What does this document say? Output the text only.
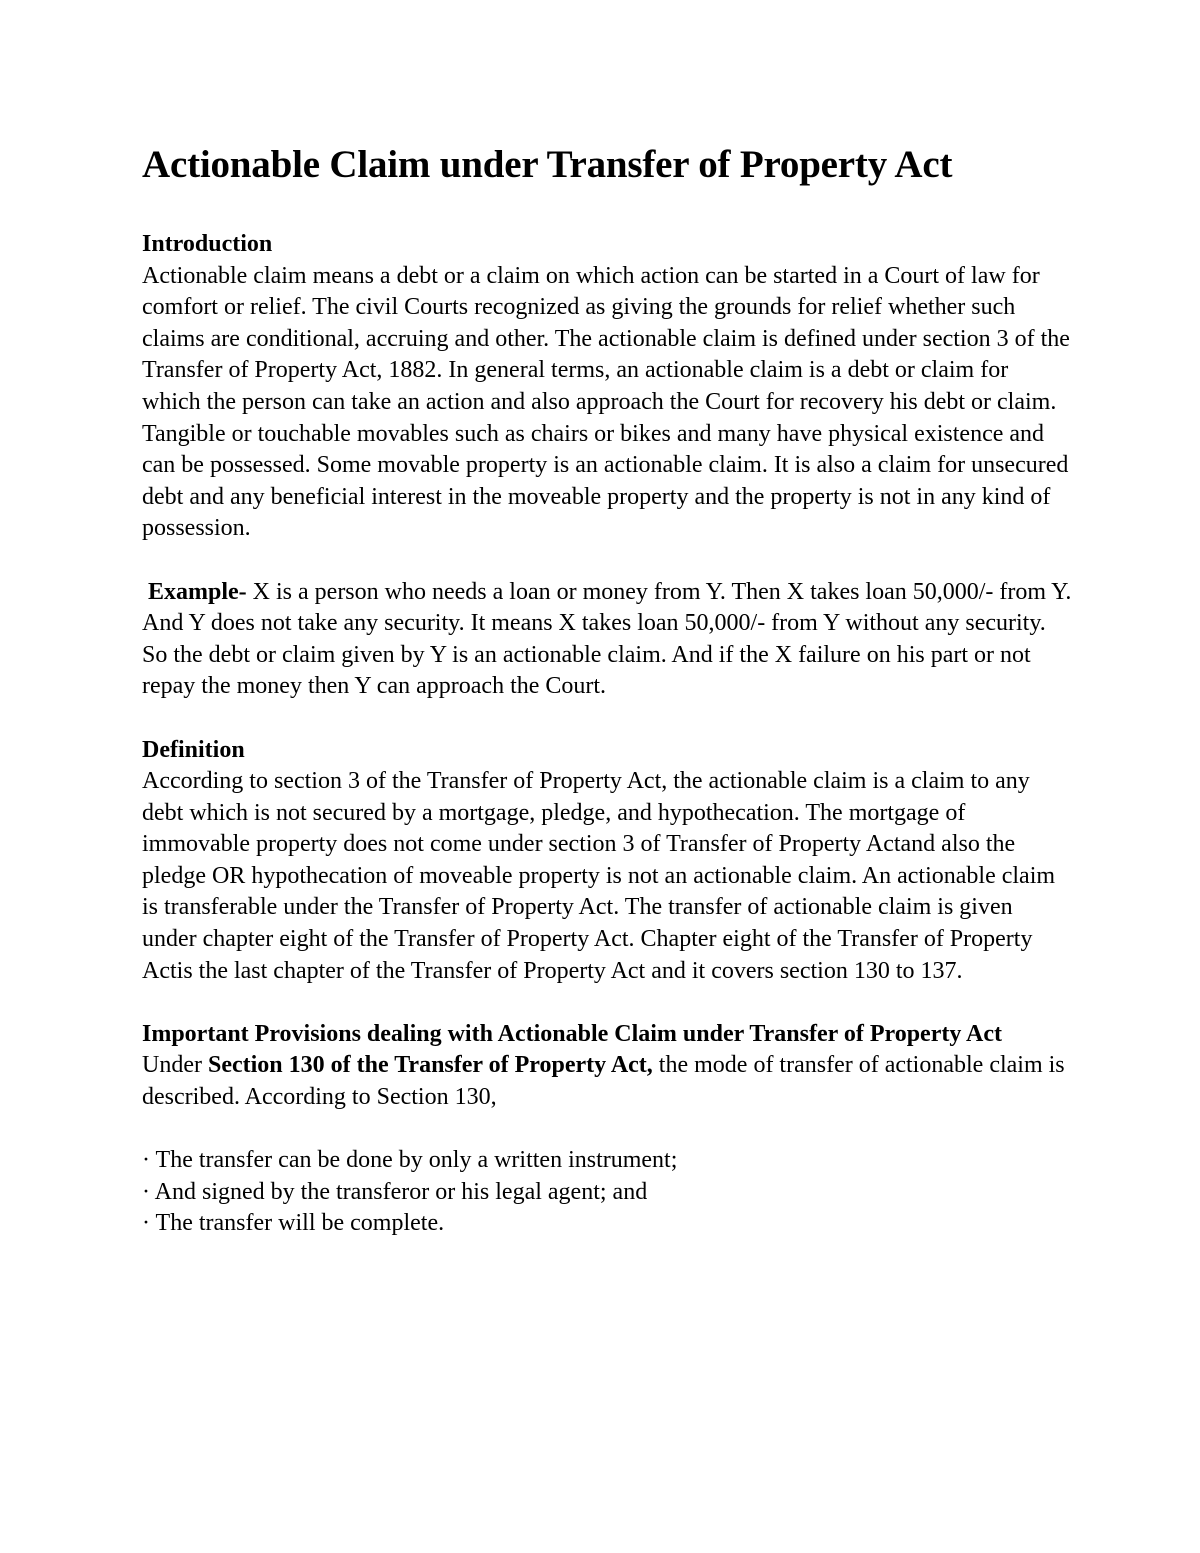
Actionable Claim under Transfer of Property Act
Introduction

Actionable claim means a debt or a claim on which action can be started in a Court of law for comfort or relief. The civil Courts recognized as giving the grounds for relief whether such claims are conditional, accruing and other. The actionable claim is defined under section 3 of the Transfer of Property Act, 1882. In general terms, an actionable claim is a debt or claim for which the person can take an action and also approach the Court for recovery his debt or claim.

Tangible or touchable movables such as chairs or bikes and many have physical existence and can be possessed. Some movable property is an actionable claim. It is also a claim for unsecured debt and any beneficial interest in the moveable property and the property is not in any kind of possession.

Example- X is a person who needs a loan or money from Y. Then X takes loan 50,000/- from Y. And Y does not take any security. It means X takes loan 50,000/- from Y without any security. So the debt or claim given by Y is an actionable claim. And if the X failure on his part or not repay the money then Y can approach the Court.

Definition

According to section 3 of the Transfer of Property Act, the actionable claim is a claim to any debt which is not secured by a mortgage, pledge, and hypothecation. The mortgage of immovable property does not come under section 3 of Transfer of Property Actand also the pledge OR hypothecation of moveable property is not an actionable claim. An actionable claim is transferable under the Transfer of Property Act. The transfer of actionable claim is given under chapter eight of the Transfer of Property Act. Chapter eight of the Transfer of Property Actis the last chapter of the Transfer of Property Act and it covers section 130 to 137.

Important Provisions dealing with Actionable Claim under Transfer of Property Act

Under Section 130 of the Transfer of Property Act, the mode of transfer of actionable claim is described. According to Section 130,

· The transfer can be done by only a written instrument;
· And signed by the transferor or his legal agent; and
· The transfer will be complete.
